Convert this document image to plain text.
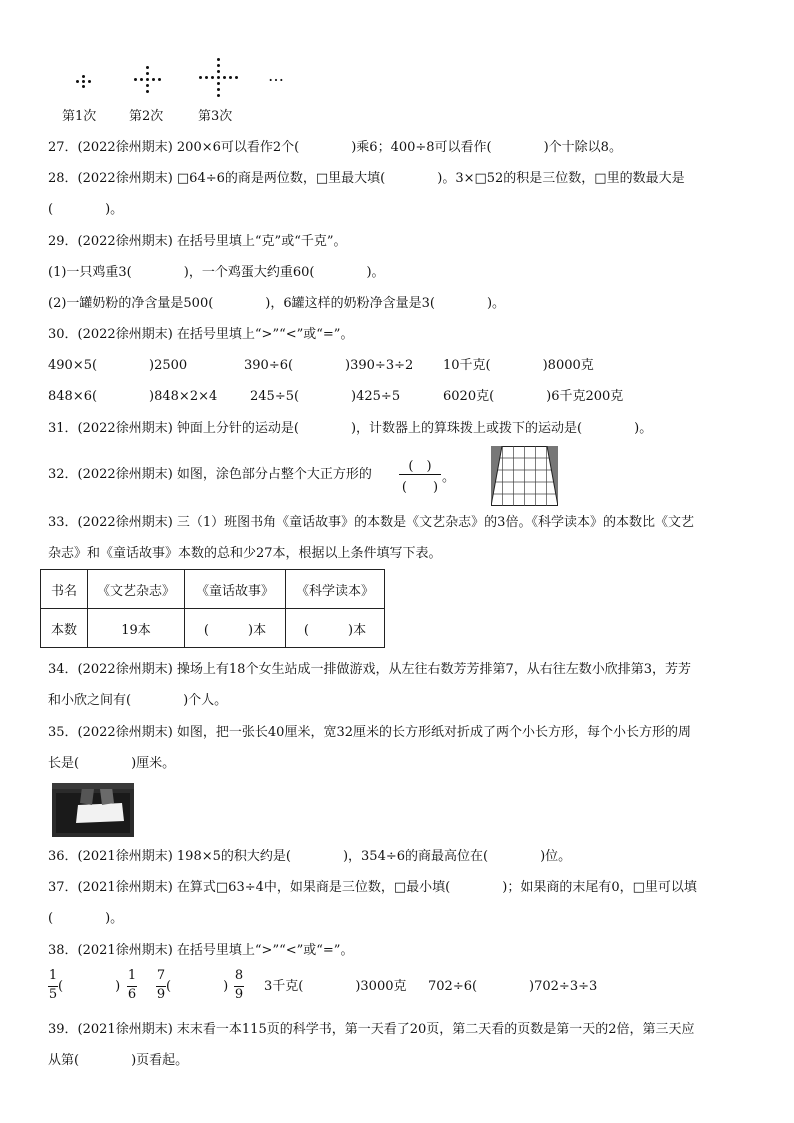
…
第1次	第2次	第3次
27．(2022徐州期末) 200×6可以看作2个(　　　　)乘6；400÷8可以看作(　　　　)个十除以8。
28．(2022徐州期末) □64÷6的商是两位数，□里最大填(　　　　)。3×□52的积是三位数，□里的数最大是
(　　　　)。
29．(2022徐州期末) 在括号里填上“克”或“千克”。
(1)一只鸡重3(　　　　)，一个鸡蛋大约重60(　　　　)。
(2)一罐奶粉的净含量是500(　　　　)，6罐这样的奶粉净含量是3(　　　　)。
30．(2022徐州期末) 在括号里填上“>”“<”或“=”。
490×5(　　　　)2500	390÷6(　　　　)390÷3÷2 10千克(　　　　)8000克
848×6(　　　　)848×2×4	245÷5(　　　　)425÷5	6020克(　　　　)6千克200克
31．(2022徐州期末) 钟面上分针的运动是(　　　　)，计数器上的算珠拨上或拨下的运动是(　　　　)。
32．(2022徐州期末) 如图，涂色部分占整个大正方形的
(　)
(　　)
。
33．(2022徐州期末) 三（1）班图书角《童话故事》的本数是《文艺杂志》的3倍。《科学读本》的本数比《文艺
杂志》和《童话故事》本数的总和少27本，根据以上条件填写下表。
书名	《文艺杂志》	《童话故事》	《科学读本》
本数	19本	(　　　)本	(　　　)本
34．(2022徐州期末) 操场上有18个女生站成一排做游戏，从左往右数芳芳排第7，从右往左数小欣排第3，芳芳
和小欣之间有(　　　　)个人。
35．(2022徐州期末) 如图，把一张长40厘米，宽32厘米的长方形纸对折成了两个小长方形，每个小长方形的周
长是(　　　　)厘米。
36．(2021徐州期末) 198×5的积大约是(　　　　)，354÷6的商最高位在(　　　　)位。
37．(2021徐州期末) 在算式□63÷4中，如果商是三位数，□最小填(　　　　)；如果商的末尾有0，□里可以填
(　　　　)。
38．(2021徐州期末) 在括号里填上“>”“<”或“=”。
1
5
(　　　　)
1
6
7
9
(　　　　)
8
9
3千克(　　　　)3000克 702÷6(　　　　)702÷3÷3
39．(2021徐州期末) 末末看一本115页的科学书，第一天看了20页，第二天看的页数是第一天的2倍，第三天应
从第(　　　　)页看起。
